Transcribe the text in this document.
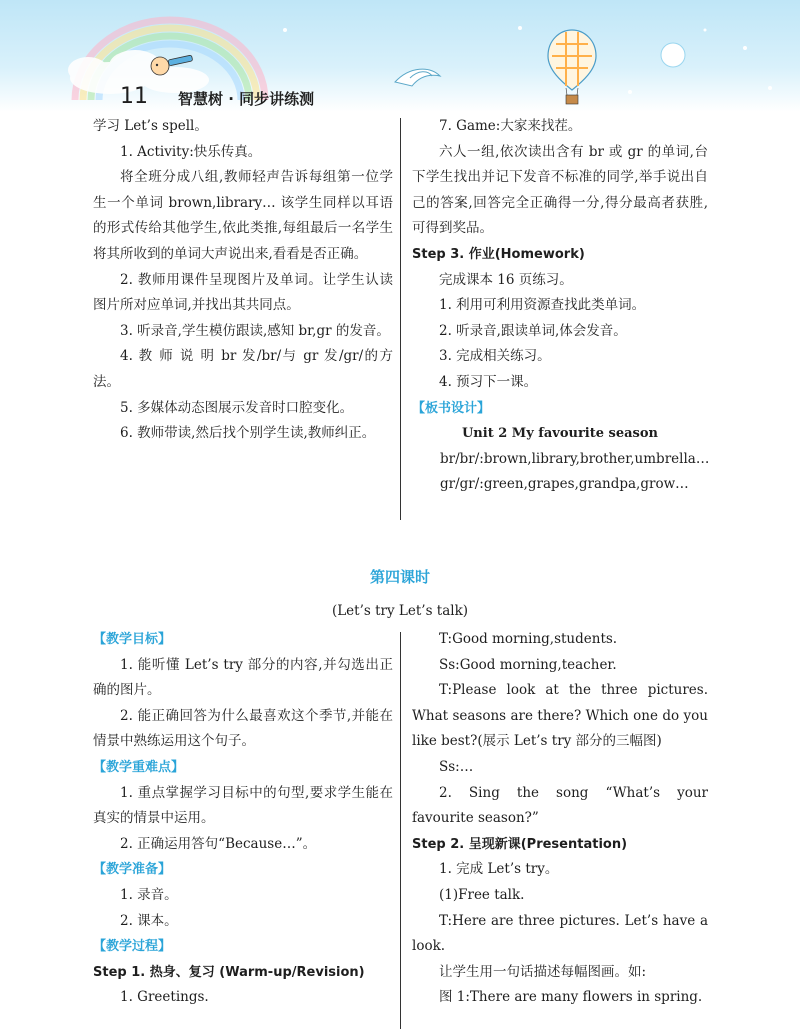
11 智慧树 · 同步讲练测

学习 Let’s spell。

1. Activity:快乐传真。

将全班分成八组,教师轻声告诉每组第一位学生一个单词 brown,library… 该学生同样以耳语的形式传给其他学生,依此类推,每组最后一名学生将其所收到的单词大声说出来,看看是否正确。

2. 教师用课件呈现图片及单词。让学生认读图片所对应单词,并找出其共同点。

3. 听录音,学生模仿跟读,感知 br,gr 的发音。

4. 教 师 说 明 br 发/br/与 gr 发/gr/的方法。

5. 多媒体动态图展示发音时口腔变化。

6. 教师带读,然后找个别学生读,教师纠正。

7. Game:大家来找茬。

六人一组,依次读出含有 br 或 gr 的单词,台下学生找出并记下发音不标准的同学,举手说出自己的答案,回答完全正确得一分,得分最高者获胜,可得到奖品。

Step 3. 作业(Homework)

完成课本 16 页练习。

1. 利用可利用资源查找此类单词。

2. 听录音,跟读单词,体会发音。

3. 完成相关练习。

4. 预习下一课。

【板书设计】

Unit 2 My favourite season

br/br/:brown,library,brother,umbrella…

gr/gr/:green,grapes,grandpa,grow…

第四课时
(Let’s try Let’s talk)

【教学目标】

1. 能听懂 Let’s try 部分的内容,并勾选出正确的图片。

2. 能正确回答为什么最喜欢这个季节,并能在情景中熟练运用这个句子。

【教学重难点】

1. 重点掌握学习目标中的句型,要求学生能在真实的情景中运用。

2. 正确运用答句“Because…”。

【教学准备】

1. 录音。

2. 课本。

【教学过程】

Step 1. 热身、复习 (Warm-up/Revision)

1. Greetings.

T:Good morning,students.

Ss:Good morning,teacher.

T:Please look at the three pictures. What seasons are there? Which one do you like best?(展示 Let’s try 部分的三幅图)

Ss:…

2. Sing the song “What’s your favourite season?”

Step 2. 呈现新课(Presentation)

1. 完成 Let’s try。

(1)Free talk.

T:Here are three pictures. Let’s have a look.

让学生用一句话描述每幅图画。如:

图 1:There are many flowers in spring.
